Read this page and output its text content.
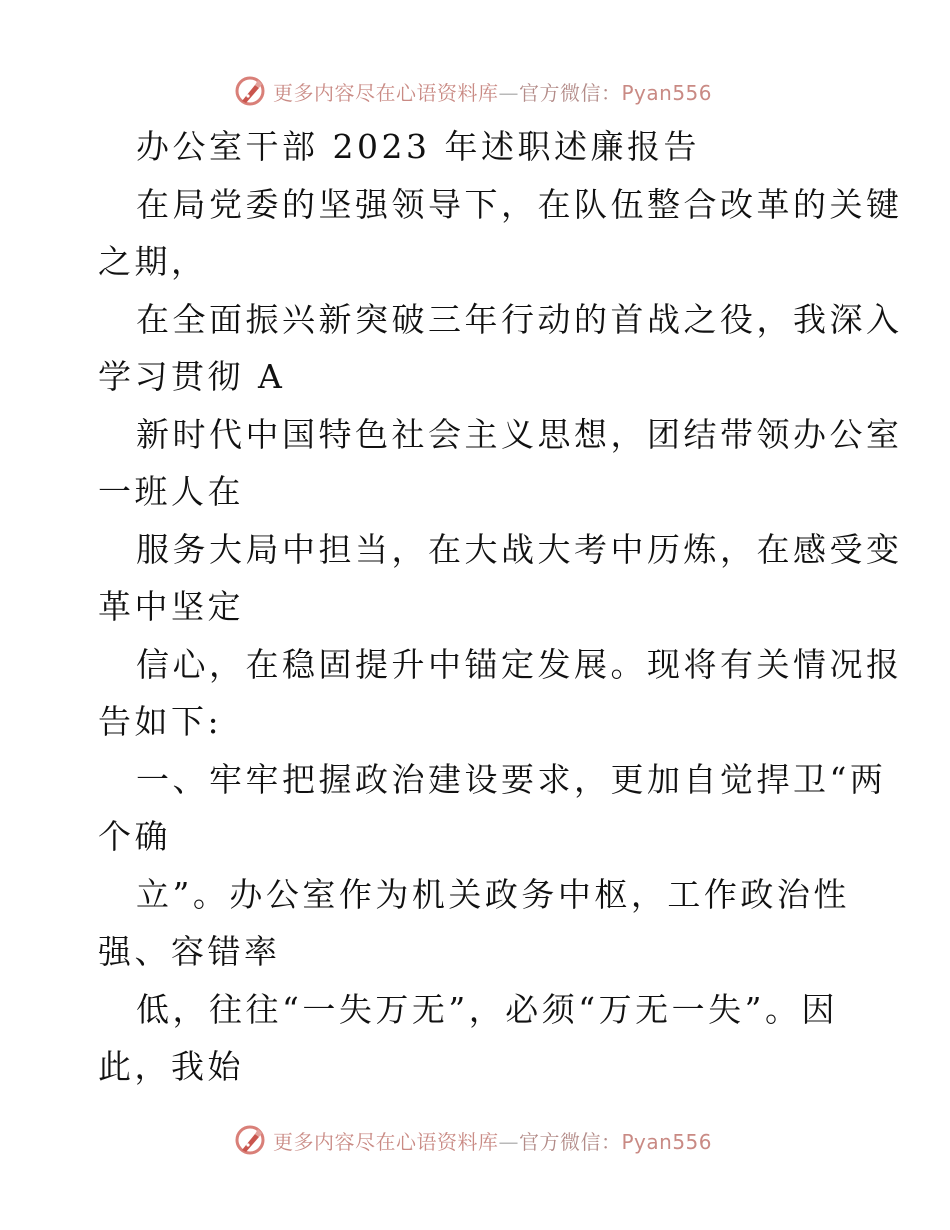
更多内容尽在心语资料库—官方微信：Pyan556
办公室干部 2023 年述职述廉报告
在局党委的坚强领导下，在队伍整合改革的关键
之期，
在全面振兴新突破三年行动的首战之役，我深入
学习贯彻 A
新时代中国特色社会主义思想，团结带领办公室
一班人在
服务大局中担当，在大战大考中历炼，在感受变
革中坚定
信心，在稳固提升中锚定发展。现将有关情况报
告如下:
一、牢牢把握政治建设要求，更加自觉捍卫“两
个确
立”。办公室作为机关政务中枢，工作政治性
强、容错率
低，往往“一失万无”，必须“万无一失”。因
此，我始
更多内容尽在心语资料库—官方微信：Pyan556
